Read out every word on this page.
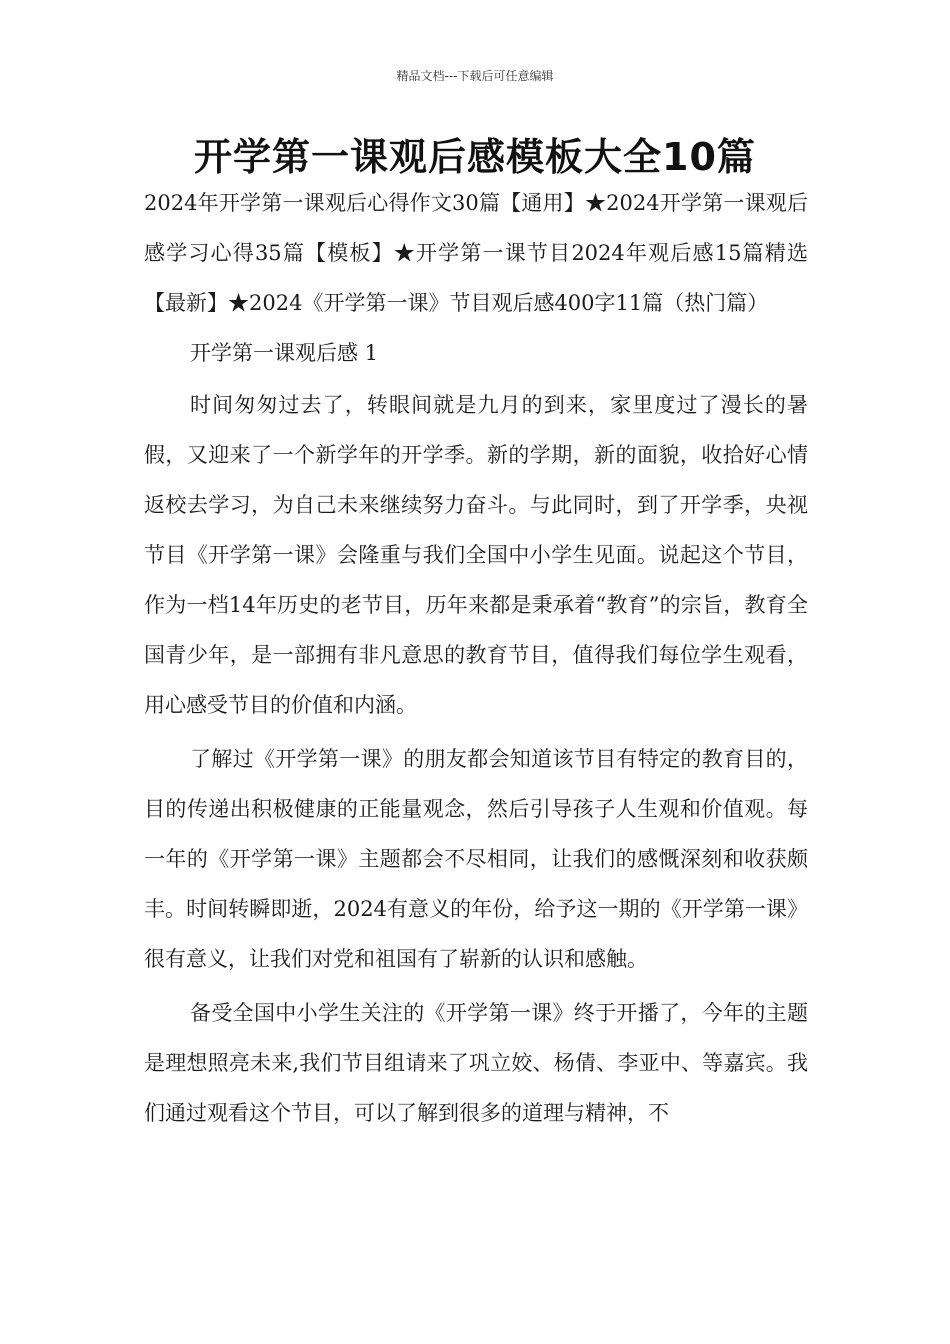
精品文档---下载后可任意编辑
开学第一课观后感模板大全10篇

2024年开学第一课观后心得作文30篇【通用】★2024开学第一课观后感学习心得35篇【模板】★开学第一课节目2024年观后感15篇精选【最新】★2024《开学第一课》节目观后感400字11篇（热门篇）

开学第一课观后感 1

时间匆匆过去了，转眼间就是九月的到来，家里度过了漫长的暑假，又迎来了一个新学年的开学季。新的学期，新的面貌，收拾好心情返校去学习，为自己未来继续努力奋斗。与此同时，到了开学季，央视节目《开学第一课》会隆重与我们全国中小学生见面。说起这个节目，作为一档14年历史的老节目，历年来都是秉承着“教育”的宗旨，教育全国青少年，是一部拥有非凡意思的教育节目，值得我们每位学生观看，用心感受节目的价值和内涵。

了解过《开学第一课》的朋友都会知道该节目有特定的教育目的，目的传递出积极健康的正能量观念，然后引导孩子人生观和价值观。每一年的《开学第一课》主题都会不尽相同，让我们的感慨深刻和收获颇丰。时间转瞬即逝，2024有意义的年份，给予这一期的《开学第一课》很有意义，让我们对党和祖国有了崭新的认识和感触。

备受全国中小学生关注的《开学第一课》终于开播了，今年的主题是理想照亮未来,我们节目组请来了巩立姣、杨倩、李亚中、等嘉宾。我们通过观看这个节目，可以了解到很多的道理与精神，不
